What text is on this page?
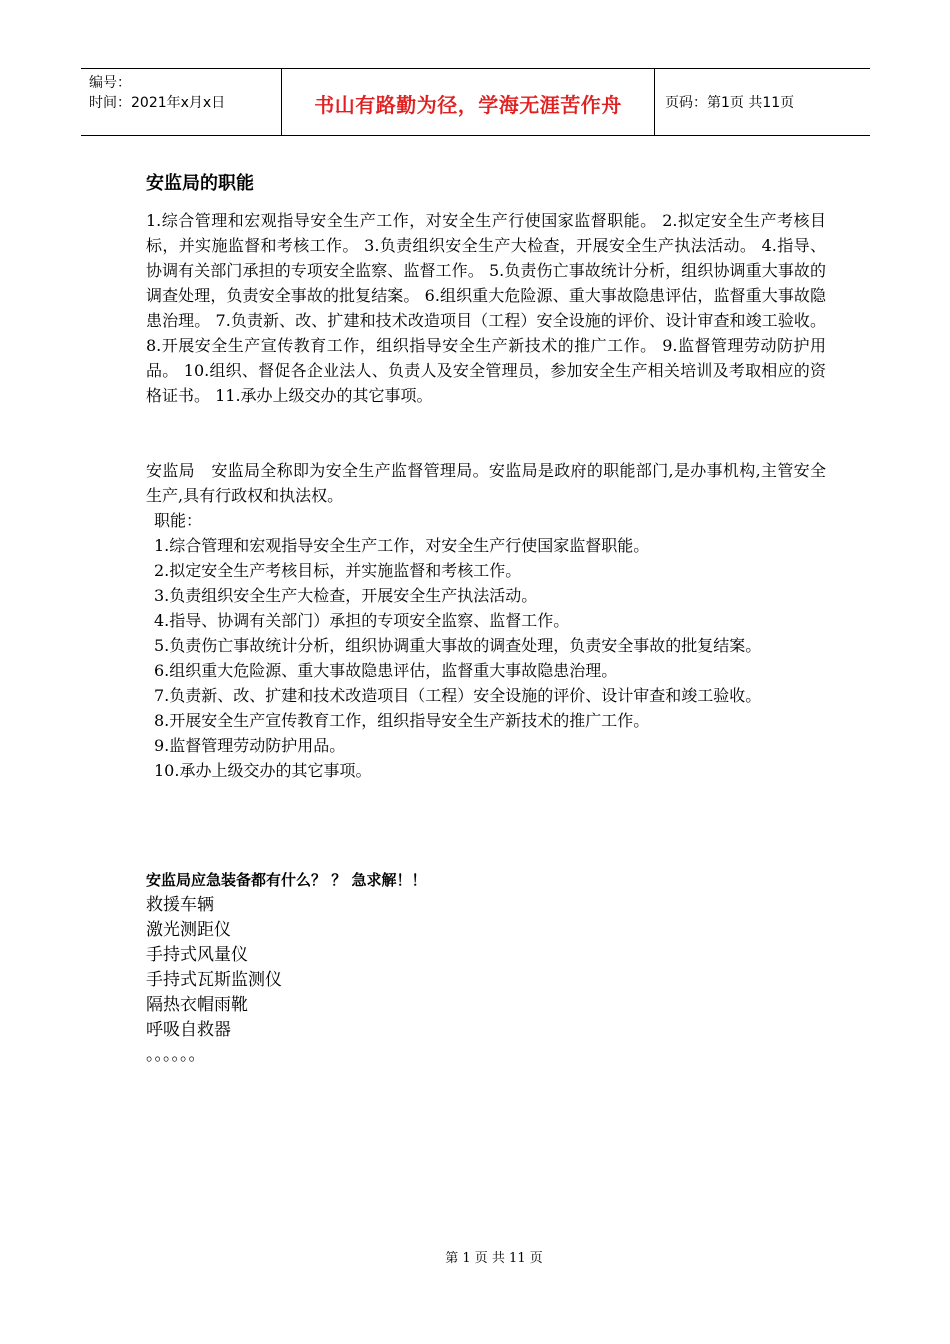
编号：
时间：2021年x月x日	书山有路勤为径，学海无涯苦作舟	页码：第1页 共11页
安监局的职能

1.综合管理和宏观指导安全生产工作，对安全生产行使国家监督职能。 2.拟定安全生产考核目标，并实施监督和考核工作。 3.负责组织安全生产大检查，开展安全生产执法活动。 4.指导、协调有关部门承担的专项安全监察、监督工作。 5.负责伤亡事故统计分析，组织协调重大事故的调查处理，负责安全事故的批复结案。 6.组织重大危险源、重大事故隐患评估，监督重大事故隐患治理。 7.负责新、改、扩建和技术改造项目（工程）安全设施的评价、设计审查和竣工验收。 8.开展安全生产宣传教育工作，组织指导安全生产新技术的推广工作。 9.监督管理劳动防护用品。 10.组织、督促各企业法人、负责人及安全管理员，参加安全生产相关培训及考取相应的资格证书。 11.承办上级交办的其它事项。

安监局　安监局全称即为安全生产监督管理局。安监局是政府的职能部门,是办事机构,主管安全生产,具有行政权和执法权。

职能：

1.综合管理和宏观指导安全生产工作，对安全生产行使国家监督职能。

2.拟定安全生产考核目标，并实施监督和考核工作。

3.负责组织安全生产大检查，开展安全生产执法活动。

4.指导、协调有关部门）承担的专项安全监察、监督工作。

5.负责伤亡事故统计分析，组织协调重大事故的调查处理，负责安全事故的批复结案。

6.组织重大危险源、重大事故隐患评估，监督重大事故隐患治理。

7.负责新、改、扩建和技术改造项目（工程）安全设施的评价、设计审查和竣工验收。

8.开展安全生产宣传教育工作，组织指导安全生产新技术的推广工作。

9.监督管理劳动防护用品。

10.承办上级交办的其它事项。

安监局应急装备都有什么？ ？ 急求解！！

救援车辆

激光测距仪

手持式风量仪

手持式瓦斯监测仪

隔热衣帽雨靴

呼吸自救器

。。。。。。

第 1 页 共 11 页
